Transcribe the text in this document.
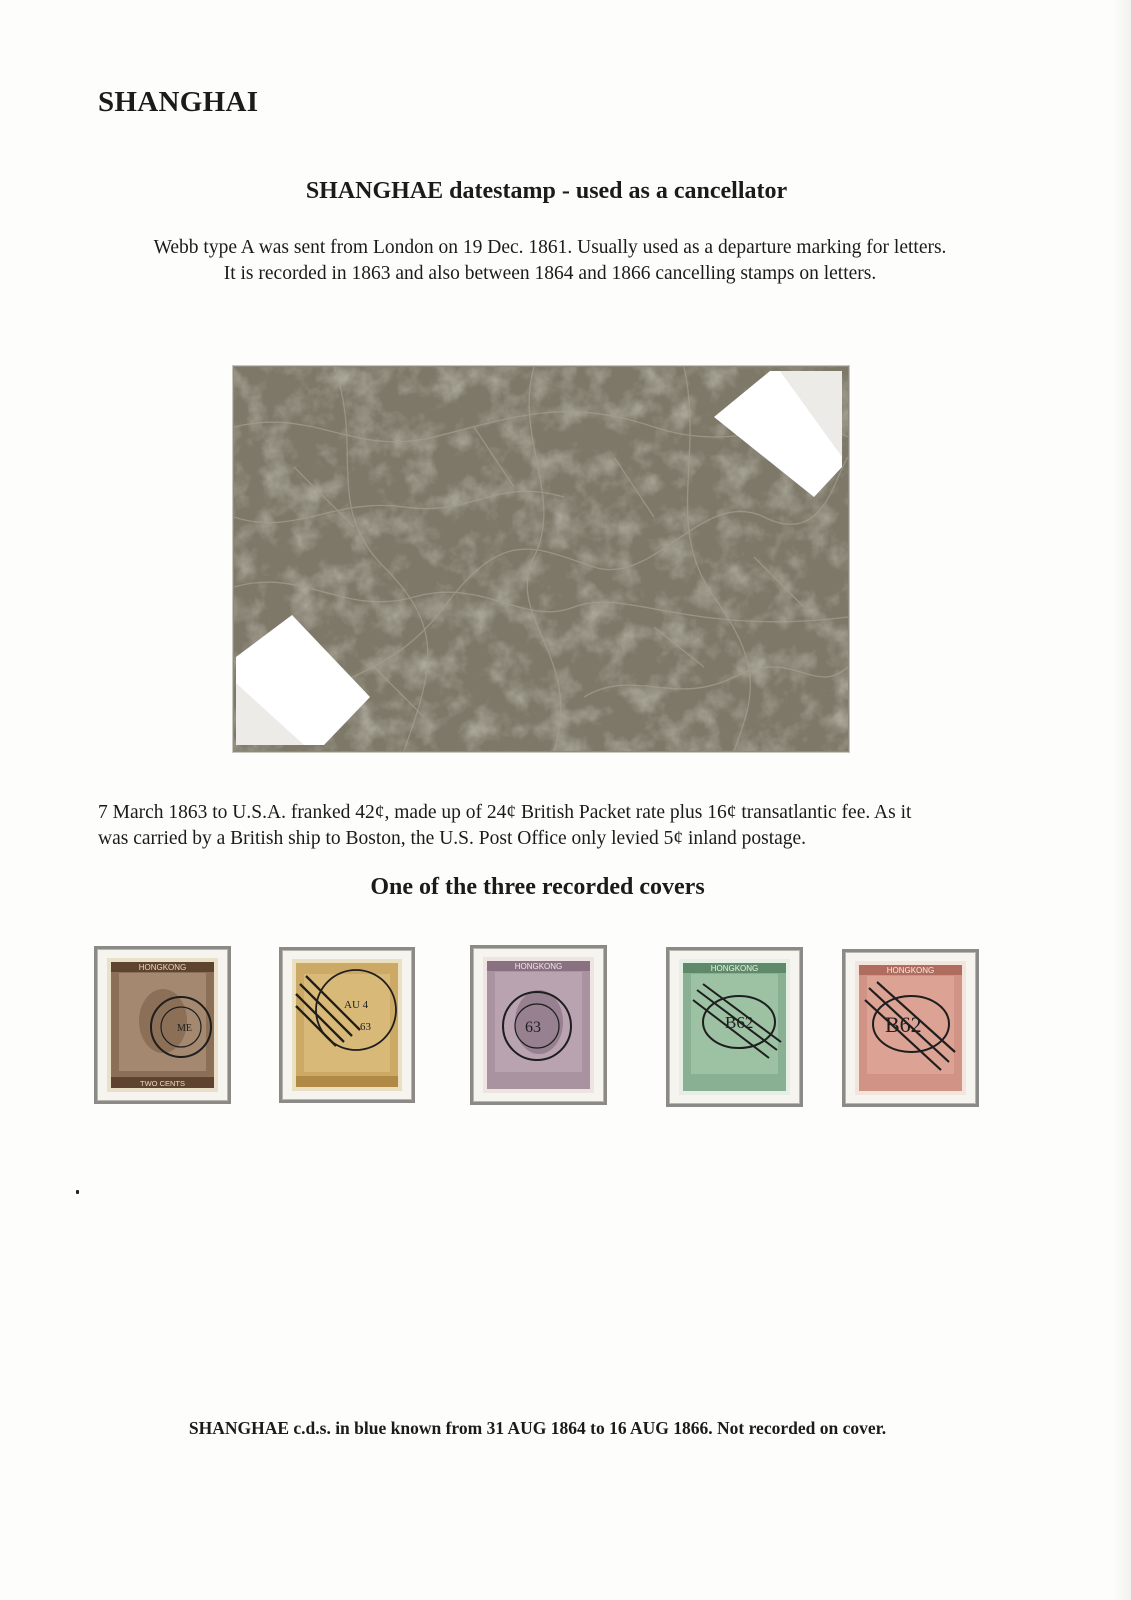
SHANGHAI
SHANGHAE datestamp - used as a cancellator
Webb type A was sent from London on 19 Dec. 1861. Usually used as a departure marking for letters.
It is recorded in 1863 and also between 1864 and 1866 cancelling stamps on letters.
7 March 1863 to U.S.A. franked 42¢, made up of 24¢ British Packet rate plus 16¢ transatlantic fee. As it
was carried by a British ship to Boston, the U.S. Post Office only levied 5¢ inland postage.
One of the three recorded covers
HONGKONG
TWO CENTS
ME
AU 4
63
HONGKONG
63
HONGKONG
B62
HONGKONG
B62
SHANGHAE c.d.s. in blue known from 31 AUG 1864 to 16 AUG 1866. Not recorded on cover.
